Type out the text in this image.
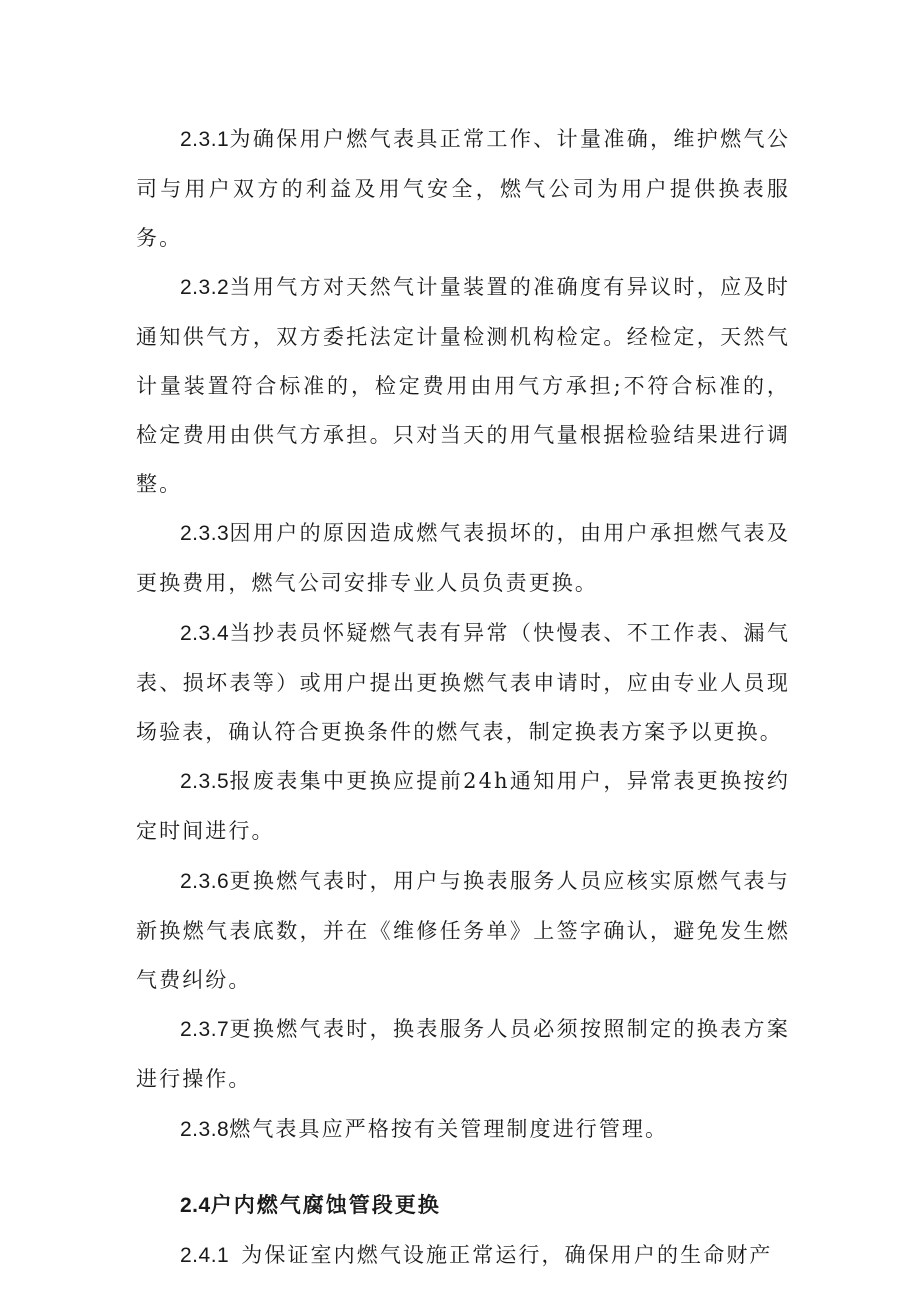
2.3.1为确保用户燃气表具正常工作、计量准确，维护燃气公司与用户双方的利益及用气安全，燃气公司为用户提供换表服务。

2.3.2当用气方对天然气计量装置的准确度有异议时，应及时通知供气方，双方委托法定计量检测机构检定。经检定，天然气计量装置符合标准的，检定费用由用气方承担;不符合标准的，检定费用由供气方承担。只对当天的用气量根据检验结果进行调整。

2.3.3因用户的原因造成燃气表损坏的，由用户承担燃气表及更换费用，燃气公司安排专业人员负责更换。

2.3.4当抄表员怀疑燃气表有异常（快慢表、不工作表、漏气表、损坏表等）或用户提出更换燃气表申请时，应由专业人员现场验表，确认符合更换条件的燃气表，制定换表方案予以更换。

2.3.5报废表集中更换应提前24h通知用户，异常表更换按约定时间进行。

2.3.6更换燃气表时，用户与换表服务人员应核实原燃气表与新换燃气表底数，并在《维修任务单》上签字确认，避免发生燃气费纠纷。

2.3.7更换燃气表时，换表服务人员必须按照制定的换表方案进行操作。

2.3.8燃气表具应严格按有关管理制度进行管理。

2.4户内燃气腐蚀管段更换

2.4.1 为保证室内燃气设施正常运行，确保用户的生命财产
